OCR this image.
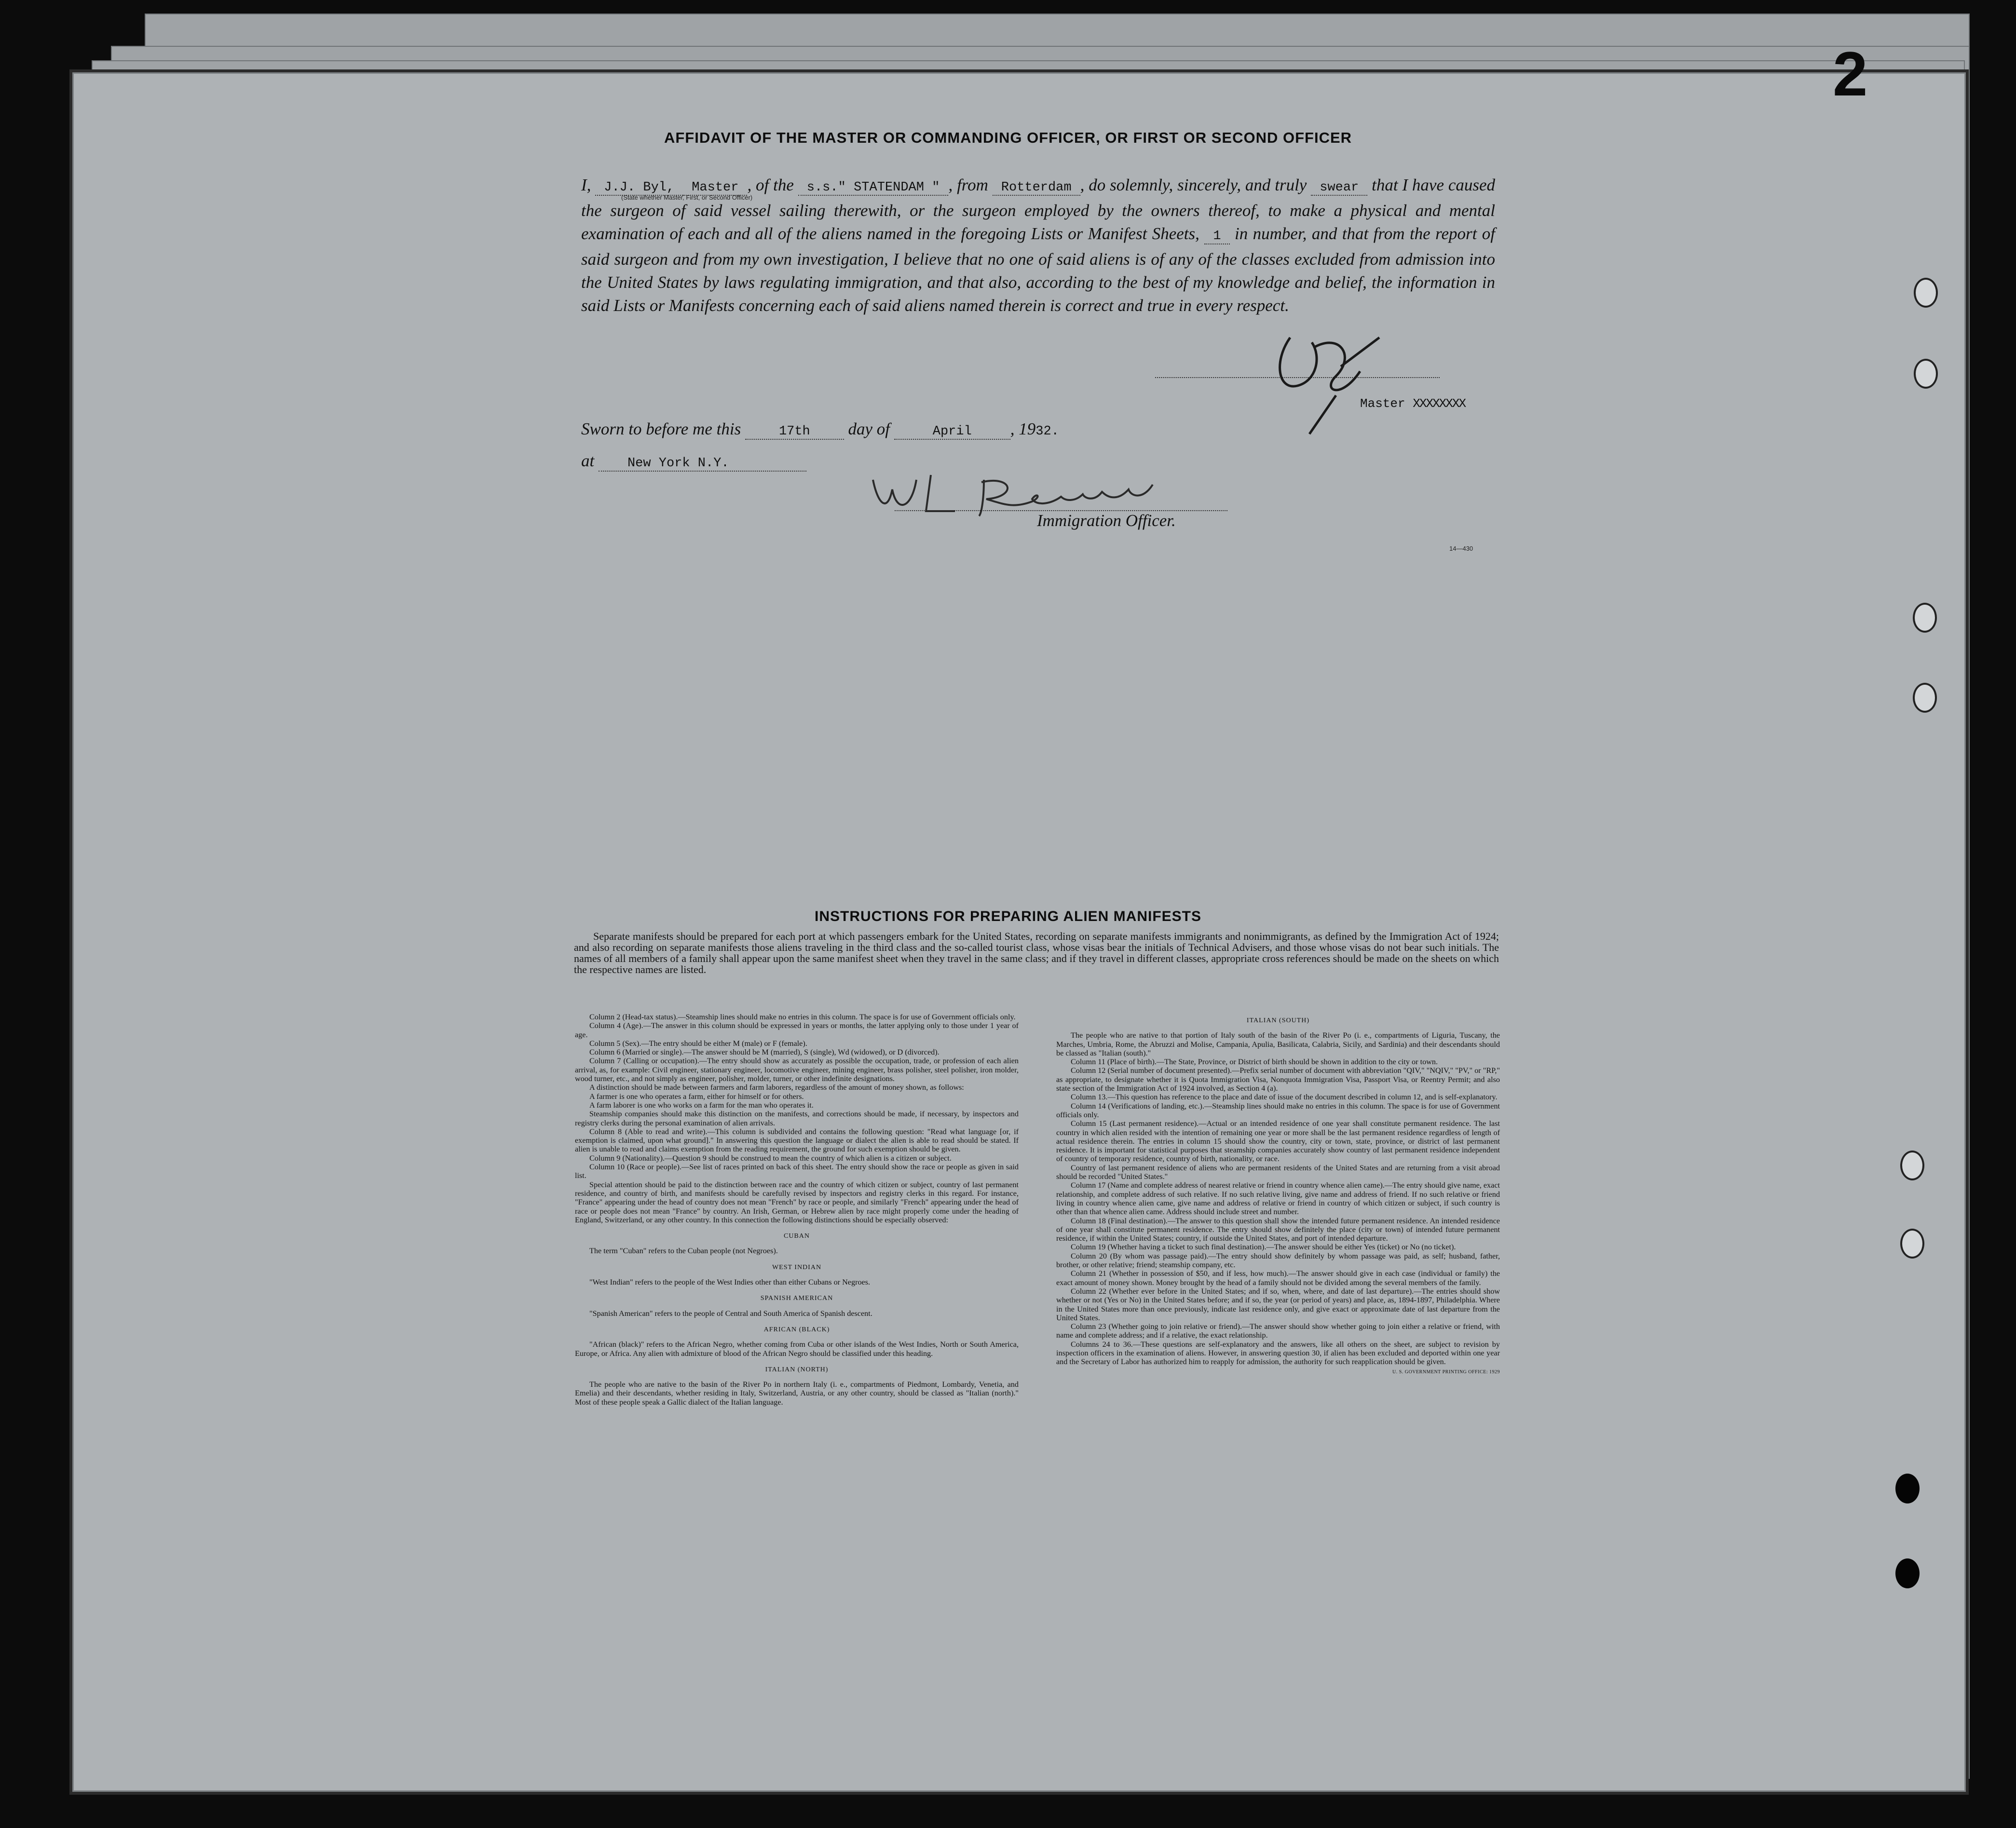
2
AFFIDAVIT OF THE MASTER OR COMMANDING OFFICER, OR FIRST OR SECOND OFFICER
I, J.J. Byl, Master , of the s.s." STATENDAM " , from Rotterdam , do solemnly, sincerely, and truly swear that I have caused the surgeon of said vessel sailing therewith, or the surgeon employed by the owners thereof, to make a physical and mental examination of each and all of the aliens named in the foregoing Lists or Manifest Sheets, 1 in number, and that from the report of said surgeon and from my own investigation, I believe that no one of said aliens is of any of the classes excluded from admission into the United States by laws regulating immigration, and that also, according to the best of my knowledge and belief, the information in said Lists or Manifests concerning each of said aliens named therein is correct and true in every respect.
(State whether Master, First, or Second Officer)
Master XXXXXXXX
Sworn to before me this	17th day of	April , 1932.
at	New York N.Y.
Immigration Officer.
14—430
INSTRUCTIONS FOR PREPARING ALIEN MANIFESTS
Separate manifests should be prepared for each port at which passengers embark for the United States, recording on separate manifests immigrants and nonimmigrants, as defined by the Immigration Act of 1924; and also recording on separate manifests those aliens traveling in the third class and the so-called tourist class, whose visas bear the initials of Technical Advisers, and those whose visas do not bear such initials. The names of all members of a family shall appear upon the same manifest sheet when they travel in the same class; and if they travel in different classes, appropriate cross references should be made on the sheets on which the respective names are listed.

Column 2 (Head-tax status).—Steamship lines should make no entries in this column. The space is for use of Government officials only.

Column 4 (Age).—The answer in this column should be expressed in years or months, the latter applying only to those under 1 year of age.

Column 5 (Sex).—The entry should be either M (male) or F (female).

Column 6 (Married or single).—The answer should be M (married), S (single), Wd (widowed), or D (divorced).

Column 7 (Calling or occupation).—The entry should show as accurately as possible the occupation, trade, or profession of each alien arrival, as, for example: Civil engineer, stationary engineer, locomotive engineer, mining engineer, brass polisher, steel polisher, iron molder, wood turner, etc., and not simply as engineer, polisher, molder, turner, or other indefinite designations.

A distinction should be made between farmers and farm laborers, regardless of the amount of money shown, as follows:

A farmer is one who operates a farm, either for himself or for others.

A farm laborer is one who works on a farm for the man who operates it.

Steamship companies should make this distinction on the manifests, and corrections should be made, if necessary, by inspectors and registry clerks during the personal examination of alien arrivals.

Column 8 (Able to read and write).—This column is subdivided and contains the following question: "Read what language [or, if exemption is claimed, upon what ground]." In answering this question the language or dialect the alien is able to read should be stated. If alien is unable to read and claims exemption from the reading requirement, the ground for such exemption should be given.

Column 9 (Nationality).—Question 9 should be construed to mean the country of which alien is a citizen or subject.

Column 10 (Race or people).—See list of races printed on back of this sheet. The entry should show the race or people as given in said list.

Special attention should be paid to the distinction between race and the country of which citizen or subject, country of last permanent residence, and country of birth, and manifests should be carefully revised by inspectors and registry clerks in this regard. For instance, "France" appearing under the head of country does not mean "French" by race or people, and similarly "French" appearing under the head of race or people does not mean "France" by country. An Irish, German, or Hebrew alien by race might properly come under the heading of England, Switzerland, or any other country. In this connection the following distinctions should be especially observed:

CUBAN

The term "Cuban" refers to the Cuban people (not Negroes).

WEST INDIAN

"West Indian" refers to the people of the West Indies other than either Cubans or Negroes.

SPANISH AMERICAN

"Spanish American" refers to the people of Central and South America of Spanish descent.

AFRICAN (BLACK)

"African (black)" refers to the African Negro, whether coming from Cuba or other islands of the West Indies, North or South America, Europe, or Africa. Any alien with admixture of blood of the African Negro should be classified under this heading.

ITALIAN (NORTH)

The people who are native to the basin of the River Po in northern Italy (i. e., compartments of Piedmont, Lombardy, Venetia, and Emelia) and their descendants, whether residing in Italy, Switzerland, Austria, or any other country, should be classed as "Italian (north)." Most of these people speak a Gallic dialect of the Italian language.

ITALIAN (SOUTH)

The people who are native to that portion of Italy south of the basin of the River Po (i. e., compartments of Liguria, Tuscany, the Marches, Umbria, Rome, the Abruzzi and Molise, Campania, Apulia, Basilicata, Calabria, Sicily, and Sardinia) and their descendants should be classed as "Italian (south)."

Column 11 (Place of birth).—The State, Province, or District of birth should be shown in addition to the city or town.

Column 12 (Serial number of document presented).—Prefix serial number of document with abbreviation "QIV," "NQIV," "PV," or "RP," as appropriate, to designate whether it is Quota Immigration Visa, Nonquota Immigration Visa, Passport Visa, or Reentry Permit; and also state section of the Immigration Act of 1924 involved, as Section 4 (a).

Column 13.—This question has reference to the place and date of issue of the document described in column 12, and is self-explanatory.

Column 14 (Verifications of landing, etc.).—Steamship lines should make no entries in this column. The space is for use of Government officials only.

Column 15 (Last permanent residence).—Actual or an intended residence of one year shall constitute permanent residence. The last country in which alien resided with the intention of remaining one year or more shall be the last permanent residence regardless of length of actual residence therein. The entries in column 15 should show the country, city or town, state, province, or district of last permanent residence. It is important for statistical purposes that steamship companies accurately show country of last permanent residence independent of country of temporary residence, country of birth, nationality, or race.

Country of last permanent residence of aliens who are permanent residents of the United States and are returning from a visit abroad should be recorded "United States."

Column 17 (Name and complete address of nearest relative or friend in country whence alien came).—The entry should give name, exact relationship, and complete address of such relative. If no such relative living, give name and address of friend. If no such relative or friend living in country whence alien came, give name and address of relative or friend in country of which citizen or subject, if such country is other than that whence alien came. Address should include street and number.

Column 18 (Final destination).—The answer to this question shall show the intended future permanent residence. An intended residence of one year shall constitute permanent residence. The entry should show definitely the place (city or town) of intended future permanent residence, if within the United States; country, if outside the United States, and port of intended departure.

Column 19 (Whether having a ticket to such final destination).—The answer should be either Yes (ticket) or No (no ticket).

Column 20 (By whom was passage paid).—The entry should show definitely by whom passage was paid, as self; husband, father, brother, or other relative; friend; steamship company, etc.

Column 21 (Whether in possession of $50, and if less, how much).—The answer should give in each case (individual or family) the exact amount of money shown. Money brought by the head of a family should not be divided among the several members of the family.

Column 22 (Whether ever before in the United States; and if so, when, where, and date of last departure).—The entries should show whether or not (Yes or No) in the United States before; and if so, the year (or period of years) and place, as, 1894-1897, Philadelphia. Where in the United States more than once previously, indicate last residence only, and give exact or approximate date of last departure from the United States.

Column 23 (Whether going to join relative or friend).—The answer should show whether going to join either a relative or friend, with name and complete address; and if a relative, the exact relationship.

Columns 24 to 36.—These questions are self-explanatory and the answers, like all others on the sheet, are subject to revision by inspection officers in the examination of aliens. However, in answering question 30, if alien has been excluded and deported within one year and the Secretary of Labor has authorized him to reapply for admission, the authority for such reapplication should be given.

U. S. GOVERNMENT PRINTING OFFICE: 1929
